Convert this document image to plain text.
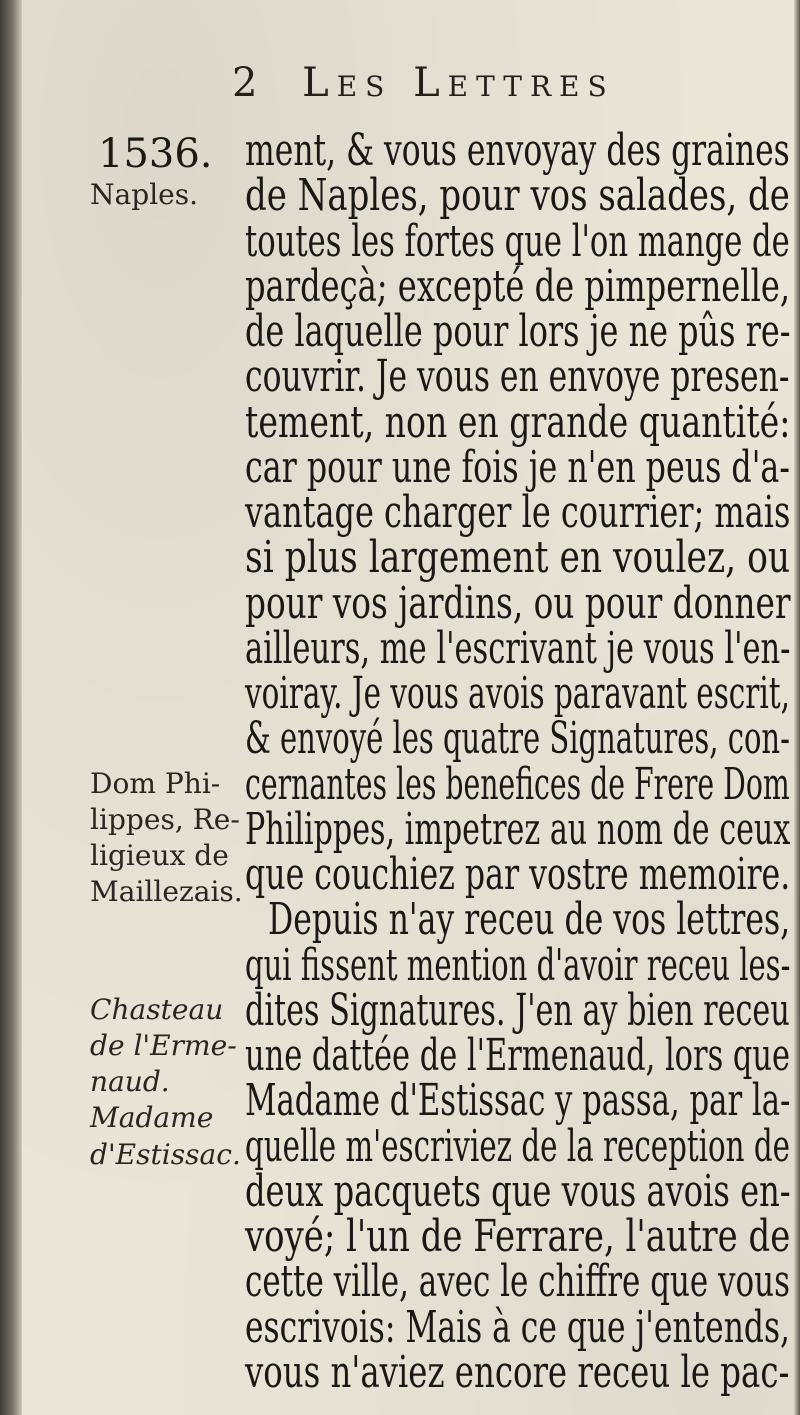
2 Les Lettres
1536.
Naples.
Dom Phi-
lippes, Re-
ligieux de
Maillezais.
Chasteau
de l'Erme-
naud.
Madame
d'Estissac.
ment, & vous envoyay des graines
de Naples, pour vos salades, de
toutes les fortes que l'on mange de
pardeçà; excepté de pimpernelle,
de laquelle pour lors je ne pûs re-
couvrir. Je vous en envoye presen-
tement, non en grande quantité:
car pour une fois je n'en peus d'a-
vantage charger le courrier; mais
si plus largement en voulez, ou
pour vos jardins, ou pour donner
ailleurs, me l'escrivant je vous l'en-
voiray. Je vous avois paravant escrit,
& envoyé les quatre Signatures, con-
cernantes les benefices de Frere Dom
Philippes, impetrez au nom de ceux
que couchiez par vostre memoire.
Depuis n'ay receu de vos lettres,
qui fissent mention d'avoir receu les-
dites Signatures. J'en ay bien receu
une dattée de l'Ermenaud, lors que
Madame d'Estissac y passa, par la-
quelle m'escriviez de la reception de
deux pacquets que vous avois en-
voyé; l'un de Ferrare, l'autre de
cette ville, avec le chiffre que vous
escrivois: Mais à ce que j'entends,
vous n'aviez encore receu le pac-
